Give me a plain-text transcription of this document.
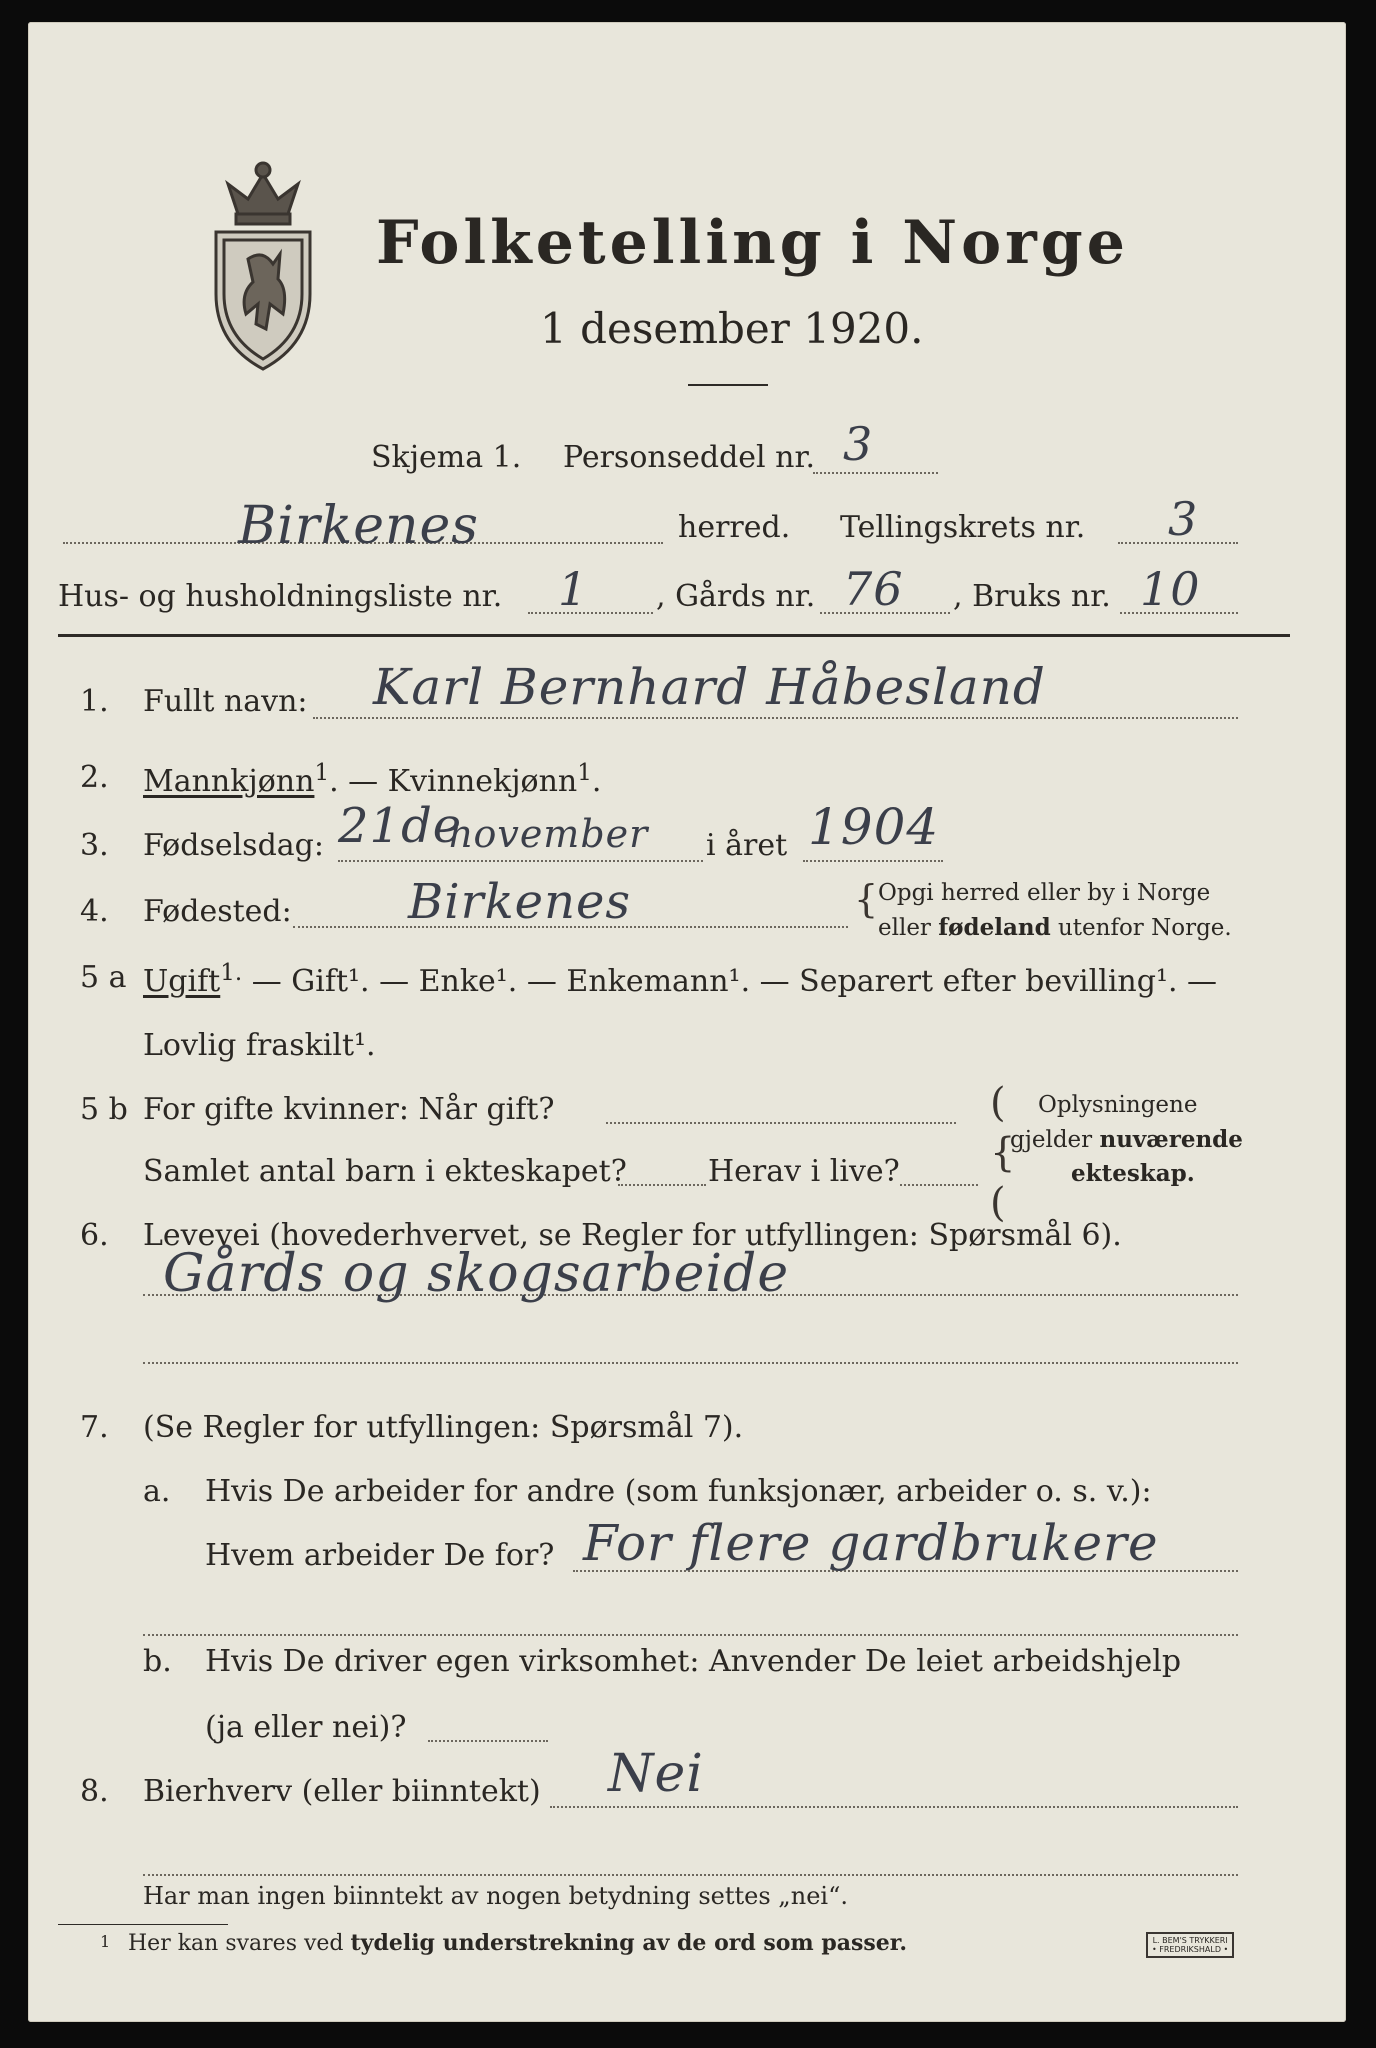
Folketelling i Norge
1 desember 1920.
Skjema 1. Personseddel nr. 3
Birkenes	herred. Tellingskrets nr. 3
Hus- og husholdningsliste nr. 1 , Gårds nr. 76 , Bruks nr. 10
1. Fullt navn: Karl Bernhard Håbesland
2. Mannkjønn$^1$. — Kvinnekjønn$^1$.
3. Fødselsdag: 21de
november i året 1904
4. Fødested: Birkenes	{ Opgi herred eller by i Norge
eller fødeland utenfor Norge.
5 a Ugift$^{1.}$ — Gift¹. — Enke¹. — Enkemann¹. — Separert efter bevilling¹. —
Lovlig fraskilt¹.
5 b For gifte kvinner: Når gift?
Samlet antal barn i ekteskapet?	Herav i live?
(
{
(
Oplysningene
gjelder nuværende
ekteskap.
6. Levevei (hovederhvervet, se Regler for utfyllingen: Spørsmål 6).
Gårds og skogsarbeide
7. (Se Regler for utfyllingen: Spørsmål 7).
a. Hvis De arbeider for andre (som funksjonær, arbeider o. s. v.):
Hvem arbeider De for? For flere gardbrukere
b. Hvis De driver egen virksomhet: Anvender De leiet arbeidshjelp
(ja eller nei)?
8. Bierhverv (eller biinntekt) Nei
Har man ingen biinntekt av nogen betydning settes „nei“.
1 Her kan svares ved tydelig understrekning av de ord som passer.	L. BEM'S TRYKKERI
• FREDRIKSHALD •
